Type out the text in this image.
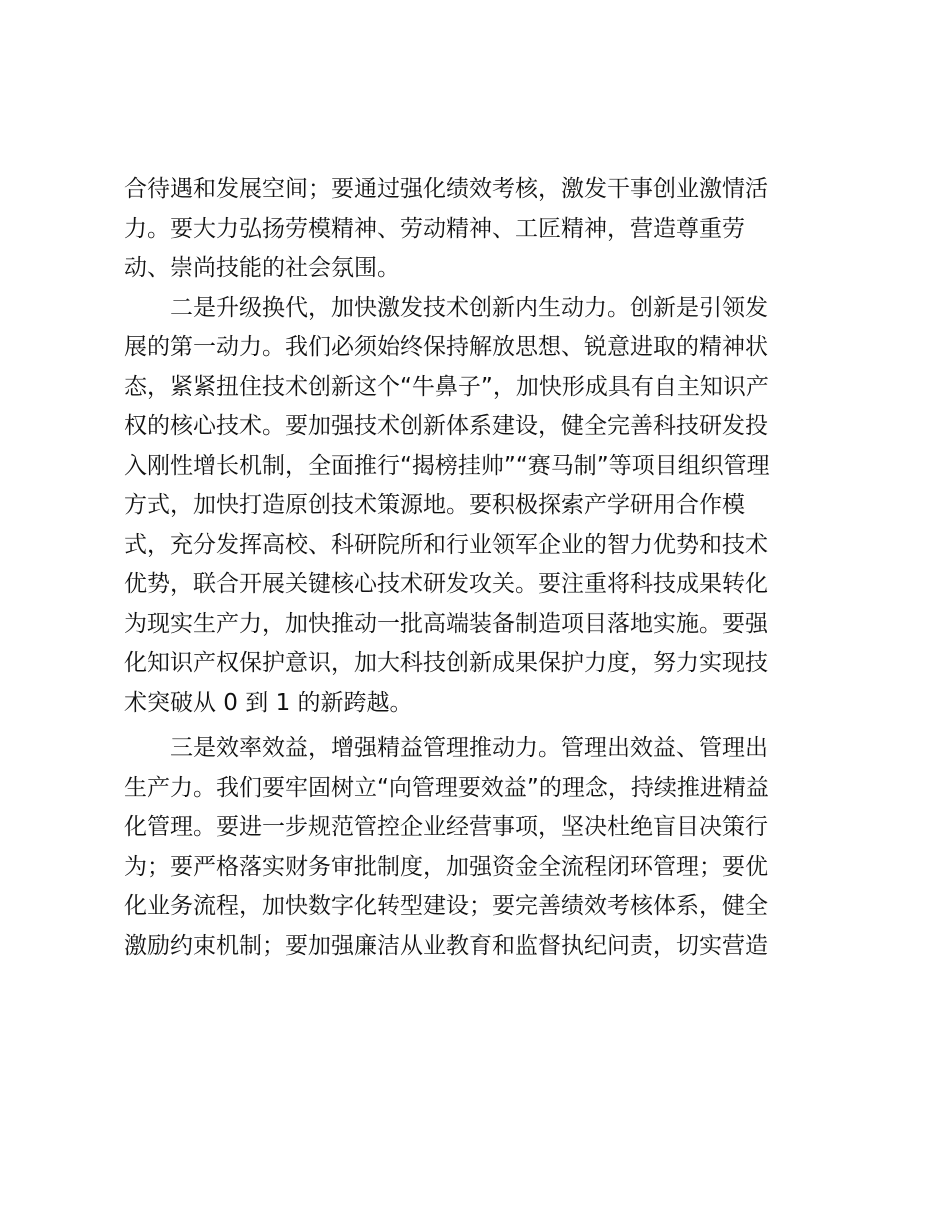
合待遇和发展空间；要通过强化绩效考核，激发干事创业激情活
力。要大力弘扬劳模精神、劳动精神、工匠精神，营造尊重劳
动、崇尚技能的社会氛围。
二是升级换代，加快激发技术创新内生动力。创新是引领发
展的第一动力。我们必须始终保持解放思想、锐意进取的精神状
态，紧紧扭住技术创新这个“牛鼻子”，加快形成具有自主知识产
权的核心技术。要加强技术创新体系建设，健全完善科技研发投
入刚性增长机制，全面推行“揭榜挂帅”“赛马制”等项目组织管理
方式，加快打造原创技术策源地。要积极探索产学研用合作模
式，充分发挥高校、科研院所和行业领军企业的智力优势和技术
优势，联合开展关键核心技术研发攻关。要注重将科技成果转化
为现实生产力，加快推动一批高端装备制造项目落地实施。要强
化知识产权保护意识，加大科技创新成果保护力度，努力实现技
术突破从 0 到 1 的新跨越。
三是效率效益，增强精益管理推动力。管理出效益、管理出
生产力。我们要牢固树立“向管理要效益”的理念，持续推进精益
化管理。要进一步规范管控企业经营事项，坚决杜绝盲目决策行
为；要严格落实财务审批制度，加强资金全流程闭环管理；要优
化业务流程，加快数字化转型建设；要完善绩效考核体系，健全
激励约束机制；要加强廉洁从业教育和监督执纪问责，切实营造
